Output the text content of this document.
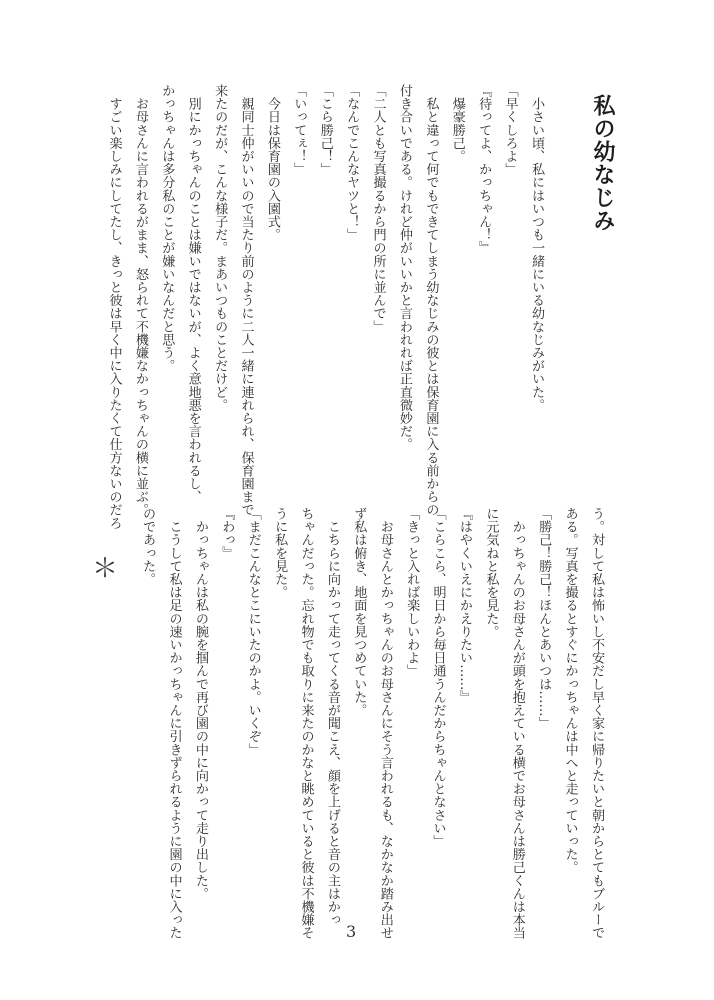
私の幼なじみ
　小さい頃、私にはいつも一緒にいる幼なじみがいた。
「早くしろよ」
『待ってよ、かっちゃん！』
　爆豪勝己。
　私と違って何でもできてしまう幼なじみの彼とは保育園に入る前からの
付き合いである。けれど仲がいいかと言われれば正直微妙だ。
「二人とも写真撮るから門の所に並んで」
「なんでこんなヤツと！」
「こら勝己！」
「いってぇ！」
　今日は保育園の入園式。
　親同士仲がいいので当たり前のように二人一緒に連れられ、保育園まで
来たのだが、こんな様子だ。まあいつものことだけど。
　別にかっちゃんのことは嫌いではないが、よく意地悪を言われるし、
かっちゃんは多分私のことが嫌いなんだと思う。
　お母さんに言われるがまま、怒られて不機嫌なかっちゃんの横に並ぶ。
　すごい楽しみにしてたし、きっと彼は早く中に入りたくて仕方ないのだろ
う。対して私は怖いし不安だし早く家に帰りたいと朝からとてもブルーで
ある。写真を撮るとすぐにかっちゃんは中へと走っていった。
「勝己！勝己！ほんとあいつは……」
　かっちゃんのお母さんが頭を抱えている横でお母さんは勝己くんは本当
に元気ねと私を見た。
『はやくいえにかえりたい……』
「こらこら、明日から毎日通うんだからちゃんとなさい」
「きっと入れば楽しいわよ」
　お母さんとかっちゃんのお母さんにそう言われるも、なかなか踏み出せ
ず私は俯き、地面を見つめていた。
　こちらに向かって走ってくる音が聞こえ、顔を上げると音の主はかっ
ちゃんだった。忘れ物でも取りに来たのかなと眺めていると彼は不機嫌そ
うに私を見た。
「まだこんなとこにいたのかよ。いくぞ」
『わっ』
　かっちゃんは私の腕を掴んで再び園の中に向かって走り出した。
　こうして私は足の速いかっちゃんに引きずられるように園の中に入った
のであった。
＊
3
